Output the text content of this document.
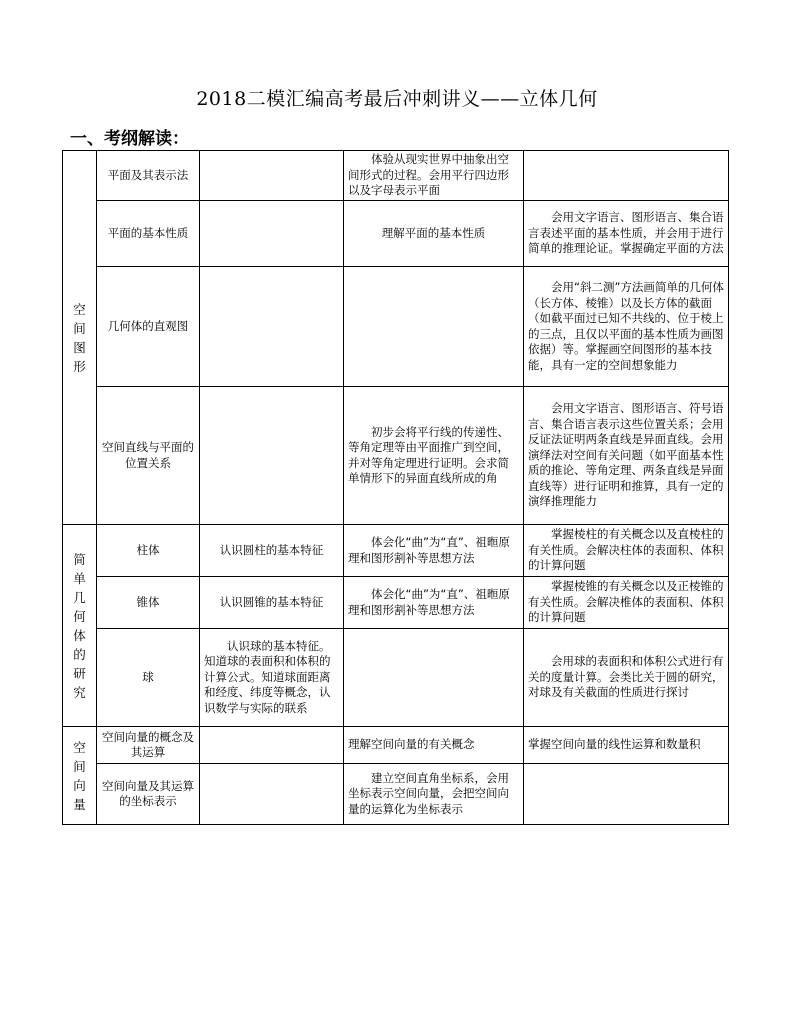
2018二模汇编高考最后冲刺讲义——立体几何
一、考纲解读：
空间图形	平面及其表示法		体验从现实世界中抽象出空间形式的过程。会用平行四边形以及字母表示平面	
	平面的基本性质		理解平面的基本性质	会用文字语言、图形语言、集合语言表述平面的基本性质，并会用于进行简单的推理论证。掌握确定平面的方法
	几何体的直观图			会用“斜二测”方法画简单的几何体（长方体、棱锥）以及长方体的截面（如截平面过已知不共线的、位于棱上的三点，且仅以平面的基本性质为画图依据）等。掌握画空间图形的基本技能，具有一定的空间想象能力
	空间直线与平面的位置关系		初步会将平行线的传递性、等角定理等由平面推广到空间，并对等角定理进行证明。会求简单情形下的异面直线所成的角	会用文字语言、图形语言、符号语言、集合语言表示这些位置关系；会用反证法证明两条直线是异面直线。会用演绎法对空间有关问题（如平面基本性质的推论、等角定理、两条直线是异面直线等）进行证明和推算，具有一定的演绎推理能力
简单几何体的研究	柱体	认识圆柱的基本特征	体会化“曲”为“直”、祖暅原理和图形割补等思想方法	掌握棱柱的有关概念以及直棱柱的有关性质。会解决柱体的表面积、体积的计算问题
	锥体	认识圆锥的基本特征	体会化“曲”为“直”、祖暅原理和图形割补等思想方法	掌握棱锥的有关概念以及正棱锥的有关性质。会解决椎体的表面积、体积的计算问题
	球	认识球的基本特征。知道球的表面积和体积的计算公式。知道球面距离和经度、纬度等概念，认识数学与实际的联系		会用球的表面积和体积公式进行有关的度量计算。会类比关于圆的研究，对球及有关截面的性质进行探讨
空间向量	空间向量的概念及其运算		理解空间向量的有关概念	掌握空间向量的线性运算和数量积
	空间向量及其运算的坐标表示		建立空间直角坐标系，会用坐标表示空间向量，会把空间向量的运算化为坐标表示	
